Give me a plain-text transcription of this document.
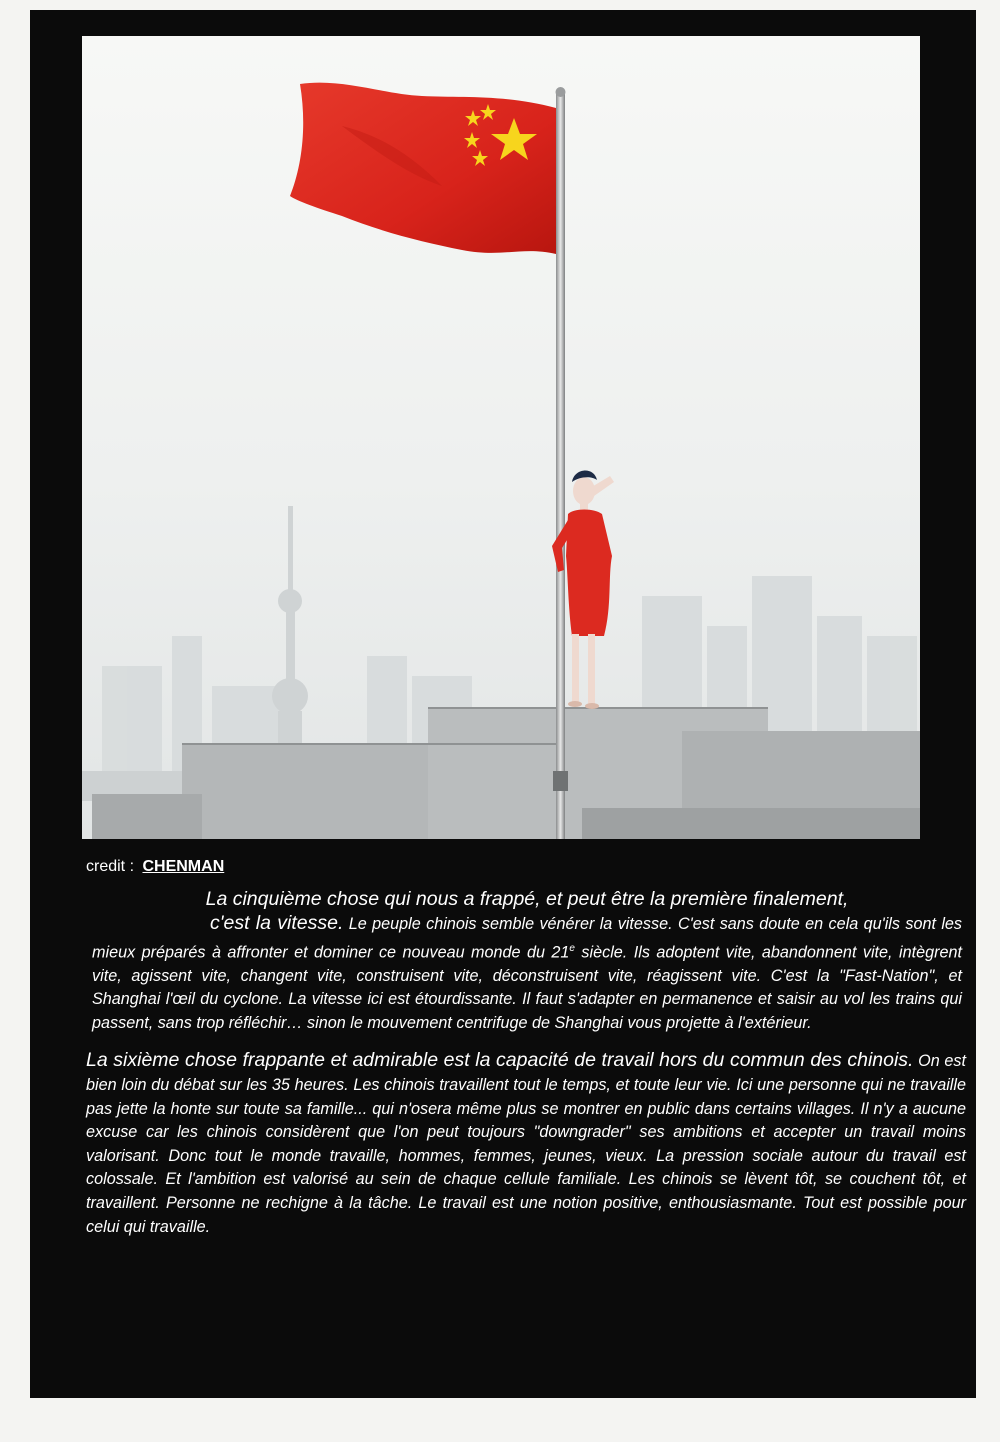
credit : CHENMAN

La cinquième chose qui nous a frappé, et peut être la première finalement,
c'est la vitesse. Le peuple chinois semble vénérer la vitesse. C'est sans doute en cela qu'ils sont les mieux préparés à affronter et dominer ce nouveau monde du 21e siècle. Ils adoptent vite, abandonnent vite, intègrent vite, agissent vite, changent vite, construisent vite, déconstruisent vite, réagissent vite. C'est la "Fast-Nation", et Shanghai l'œil du cyclone. La vitesse ici est étourdissante. Il faut s'adapter en permanence et saisir au vol les trains qui passent, sans trop réfléchir… sinon le mouvement centrifuge de Shanghai vous projette à l'extérieur.

La sixième chose frappante et admirable est la capacité de travail hors du commun des chinois. On est bien loin du débat sur les 35 heures. Les chinois travaillent tout le temps, et toute leur vie. Ici une personne qui ne travaille pas jette la honte sur toute sa famille... qui n'osera même plus se montrer en public dans certains villages. Il n'y a aucune excuse car les chinois considèrent que l'on peut toujours "downgrader" ses ambitions et accepter un travail moins valorisant. Donc tout le monde travaille, hommes, femmes, jeunes, vieux. La pression sociale autour du travail est colossale. Et l'ambition est valorisé au sein de chaque cellule familiale. Les chinois se lèvent tôt, se couchent tôt, et travaillent. Personne ne rechigne à la tâche. Le travail est une notion positive, enthousiasmante. Tout est possible pour celui qui travaille.
